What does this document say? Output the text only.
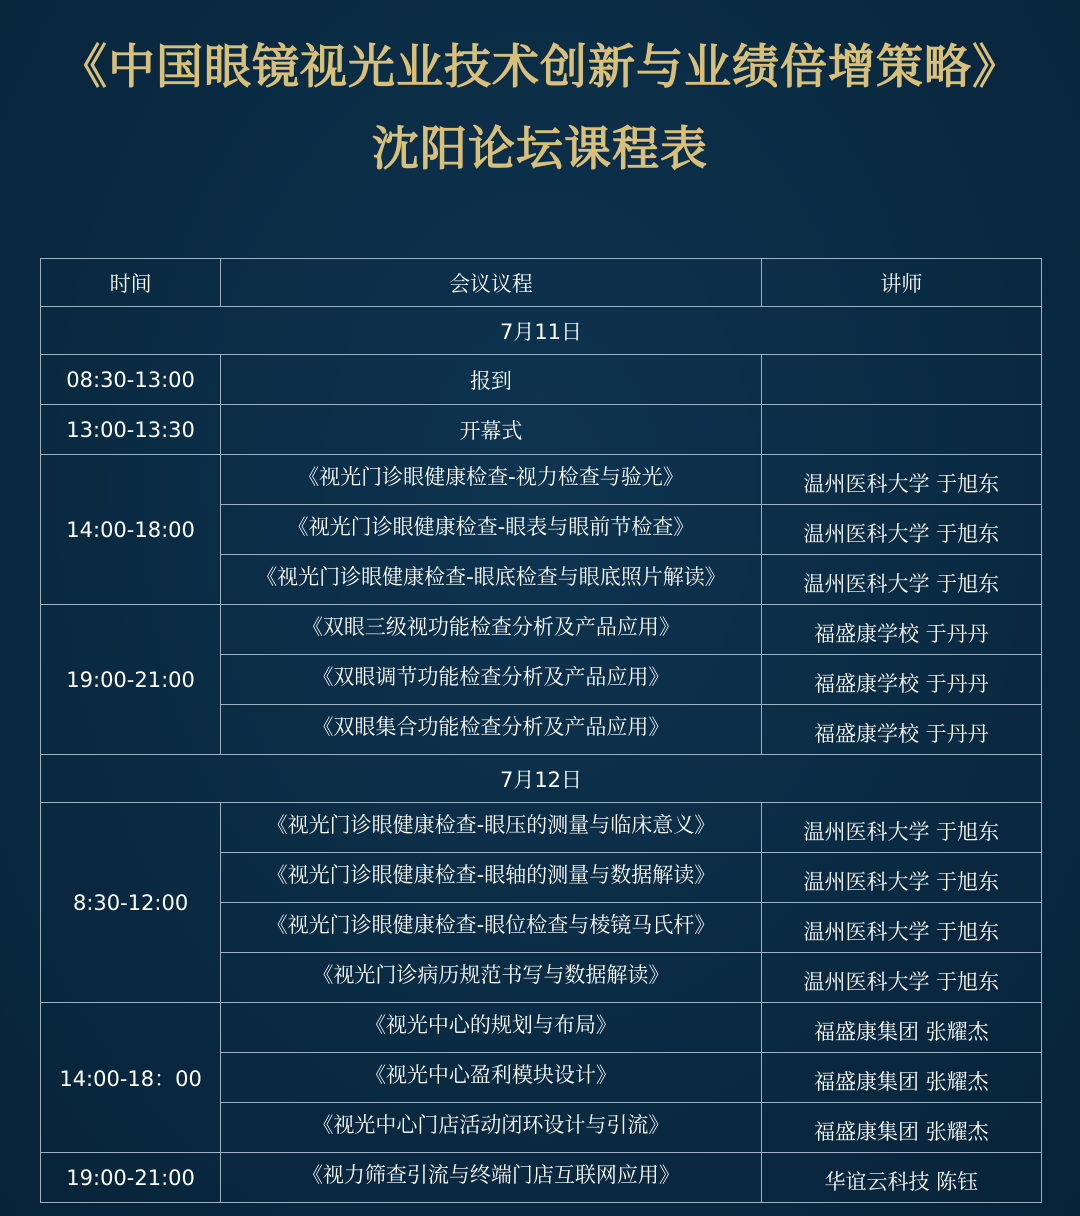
《中国眼镜视光业技术创新与业绩倍增策略》
沈阳论坛课程表
时间	会议议程	讲师
7月11日		
08:30-13:00	报到	
13:00-13:30	开幕式	
14:00-18:00	《视光门诊眼健康检查-视力检查与验光》	温州医科大学 于旭东
	《视光门诊眼健康检查-眼表与眼前节检查》	温州医科大学 于旭东
	《视光门诊眼健康检查-眼底检查与眼底照片解读》	温州医科大学 于旭东
19:00-21:00	《双眼三级视功能检查分析及产品应用》	福盛康学校 于丹丹
	《双眼调节功能检查分析及产品应用》	福盛康学校 于丹丹
	《双眼集合功能检查分析及产品应用》	福盛康学校 于丹丹
7月12日		
8:30-12:00	《视光门诊眼健康检查-眼压的测量与临床意义》	温州医科大学 于旭东
	《视光门诊眼健康检查-眼轴的测量与数据解读》	温州医科大学 于旭东
	《视光门诊眼健康检查-眼位检查与棱镜马氏杆》	温州医科大学 于旭东
	《视光门诊病历规范书写与数据解读》	温州医科大学 于旭东
14:00-18：00	《视光中心的规划与布局》	福盛康集团 张耀杰
	《视光中心盈利模块设计》	福盛康集团 张耀杰
	《视光中心门店活动闭环设计与引流》	福盛康集团 张耀杰
19:00-21:00	《视力筛查引流与终端门店互联网应用》	华谊云科技 陈钰
